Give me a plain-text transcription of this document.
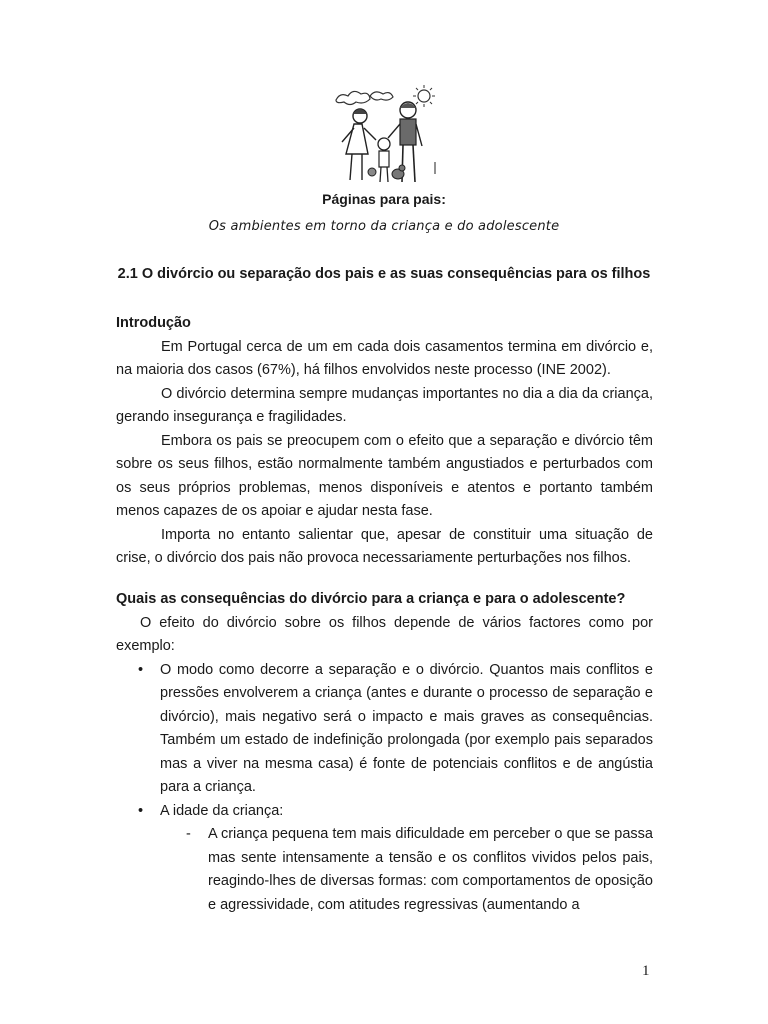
Páginas para pais:
Os ambientes em torno da criança e do adolescente
2.1 O divórcio ou separação dos pais e as suas consequências para os filhos
Introdução

Em Portugal cerca de um em cada dois casamentos termina em divórcio e, na maioria dos casos (67%), há filhos envolvidos neste processo (INE 2002).

O divórcio determina sempre mudanças importantes no dia a dia da criança, gerando insegurança e fragilidades.

Embora os pais se preocupem com o efeito que a separação e divórcio têm sobre os seus filhos, estão normalmente também angustiados e perturbados com os seus próprios problemas, menos disponíveis e atentos e portanto também menos capazes de os apoiar e ajudar nesta fase.

Importa no entanto salientar que, apesar de constituir uma situação de crise, o divórcio dos pais não provoca necessariamente perturbações nos filhos.

Quais as consequências do divórcio para a criança e para o adolescente?

O efeito do divórcio sobre os filhos depende de vários factores como por exemplo:

• O modo como decorre a separação e o divórcio. Quantos mais conflitos e pressões envolverem a criança (antes e durante o processo de separação e divórcio), mais negativo será o impacto e mais graves as consequências. Também um estado de indefinição prolongada (por exemplo pais separados mas a viver na mesma casa) é fonte de potenciais conflitos e de angústia para a criança.
• A idade da criança:
- A criança pequena tem mais dificuldade em perceber o que se passa mas sente intensamente a tensão e os conflitos vividos pelos pais, reagindo-lhes de diversas formas: com comportamentos de oposição e agressividade, com atitudes regressivas (aumentando a
1
